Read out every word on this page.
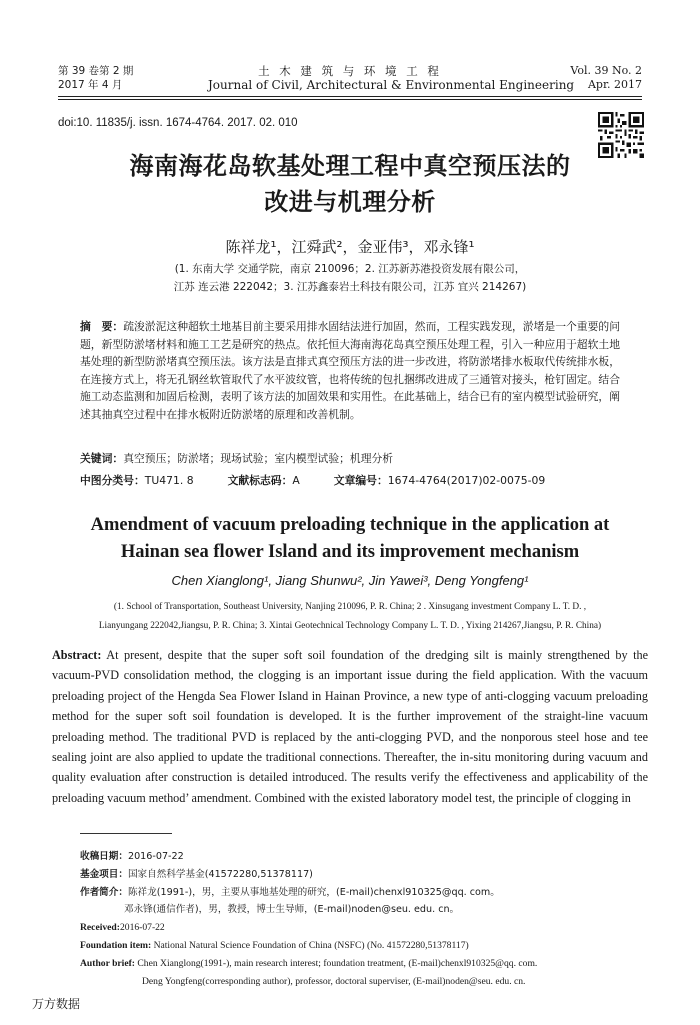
第 39 卷第 2 期
2017 年 4 月
土 木 建 筑 与 环 境 工 程
Journal of Civil, Architectural & Environmental Engineering
Vol. 39 No. 2
Apr. 2017
doi:10. 11835/j. issn. 1674-4764. 2017. 02. 010
海南海花岛软基处理工程中真空预压法的
改进与机理分析
陈祥龙¹，江舜武²，金亚伟³，邓永锋¹
(1. 东南大学 交通学院，南京 210096；2. 江苏新苏港投资发展有限公司，
江苏 连云港 222042；3. 江苏鑫泰岩土科技有限公司，江苏 宜兴 214267)
摘　要：疏浚淤泥这种超软土地基目前主要采用排水固结法进行加固，然而，工程实践发现，淤堵是一个重要的问题，新型防淤堵材料和施工工艺是研究的热点。依托恒大海南海花岛真空预压处理工程，引入一种应用于超软土地基处理的新型防淤堵真空预压法。该方法是直排式真空预压方法的进一步改进，将防淤堵排水板取代传统排水板，在连接方式上，将无孔钢丝软管取代了水平波纹管，也将传统的包扎捆绑改进成了三通管对接头，枪钉固定。结合施工动态监测和加固后检测，表明了该方法的加固效果和实用性。在此基础上，结合已有的室内模型试验研究，阐述其抽真空过程中在排水板附近防淤堵的原理和改善机制。
关键词：真空预压；防淤堵；现场试验；室内模型试验；机理分析
中图分类号：TU471. 8	文献标志码：A	文章编号：1674-4764(2017)02-0075-09
Amendment of vacuum preloading technique in the application at
Hainan sea flower Island and its improvement mechanism
Chen Xianglong¹, Jiang Shunwu², Jin Yawei³, Deng Yongfeng¹
(1. School of Transportation, Southeast University, Nanjing 210096, P. R. China; 2 . Xinsugang investment Company L. T. D. ,
Lianyungang 222042,Jiangsu, P. R. China; 3. Xintai Geotechnical Technology Company L. T. D. , Yixing 214267,Jiangsu, P. R. China)
Abstract: At present, despite that the super soft soil foundation of the dredging silt is mainly strengthened by the vacuum-PVD consolidation method, the clogging is an important issue during the field application. With the vacuum preloading project of the Hengda Sea Flower Island in Hainan Province, a new type of anti-clogging vacuum preloading method for the super soft soil foundation is developed. It is the further improvement of the straight-line vacuum preloading method. The traditional PVD is replaced by the anti-clogging PVD, and the nonporous steel hose and tee sealing joint are also applied to update the traditional connections. Thereafter, the in-situ monitoring during vacuum and quality evaluation after construction is detailed introduced. The results verify the effectiveness and applicability of the preloading vacuum method’ amendment. Combined with the existed laboratory model test, the principle of clogging in
收稿日期：2016-07-22
基金项目：国家自然科学基金(41572280,51378117)
作者简介：陈祥龙(1991-)，男，主要从事地基处理的研究，(E-mail)chenxl910325@qq. com。
邓永锋(通信作者)，男，教授，博士生导师，(E-mail)noden@seu. edu. cn。
Received:2016-07-22
Foundation item: National Natural Science Foundation of China (NSFC) (No. 41572280,51378117)
Author brief: Chen Xianglong(1991-), main research interest; foundation treatment, (E-mail)chenxl910325@qq. com.
Deng Yongfeng(corresponding author), professor, doctoral superviser, (E-mail)noden@seu. edu. cn.
万方数据
